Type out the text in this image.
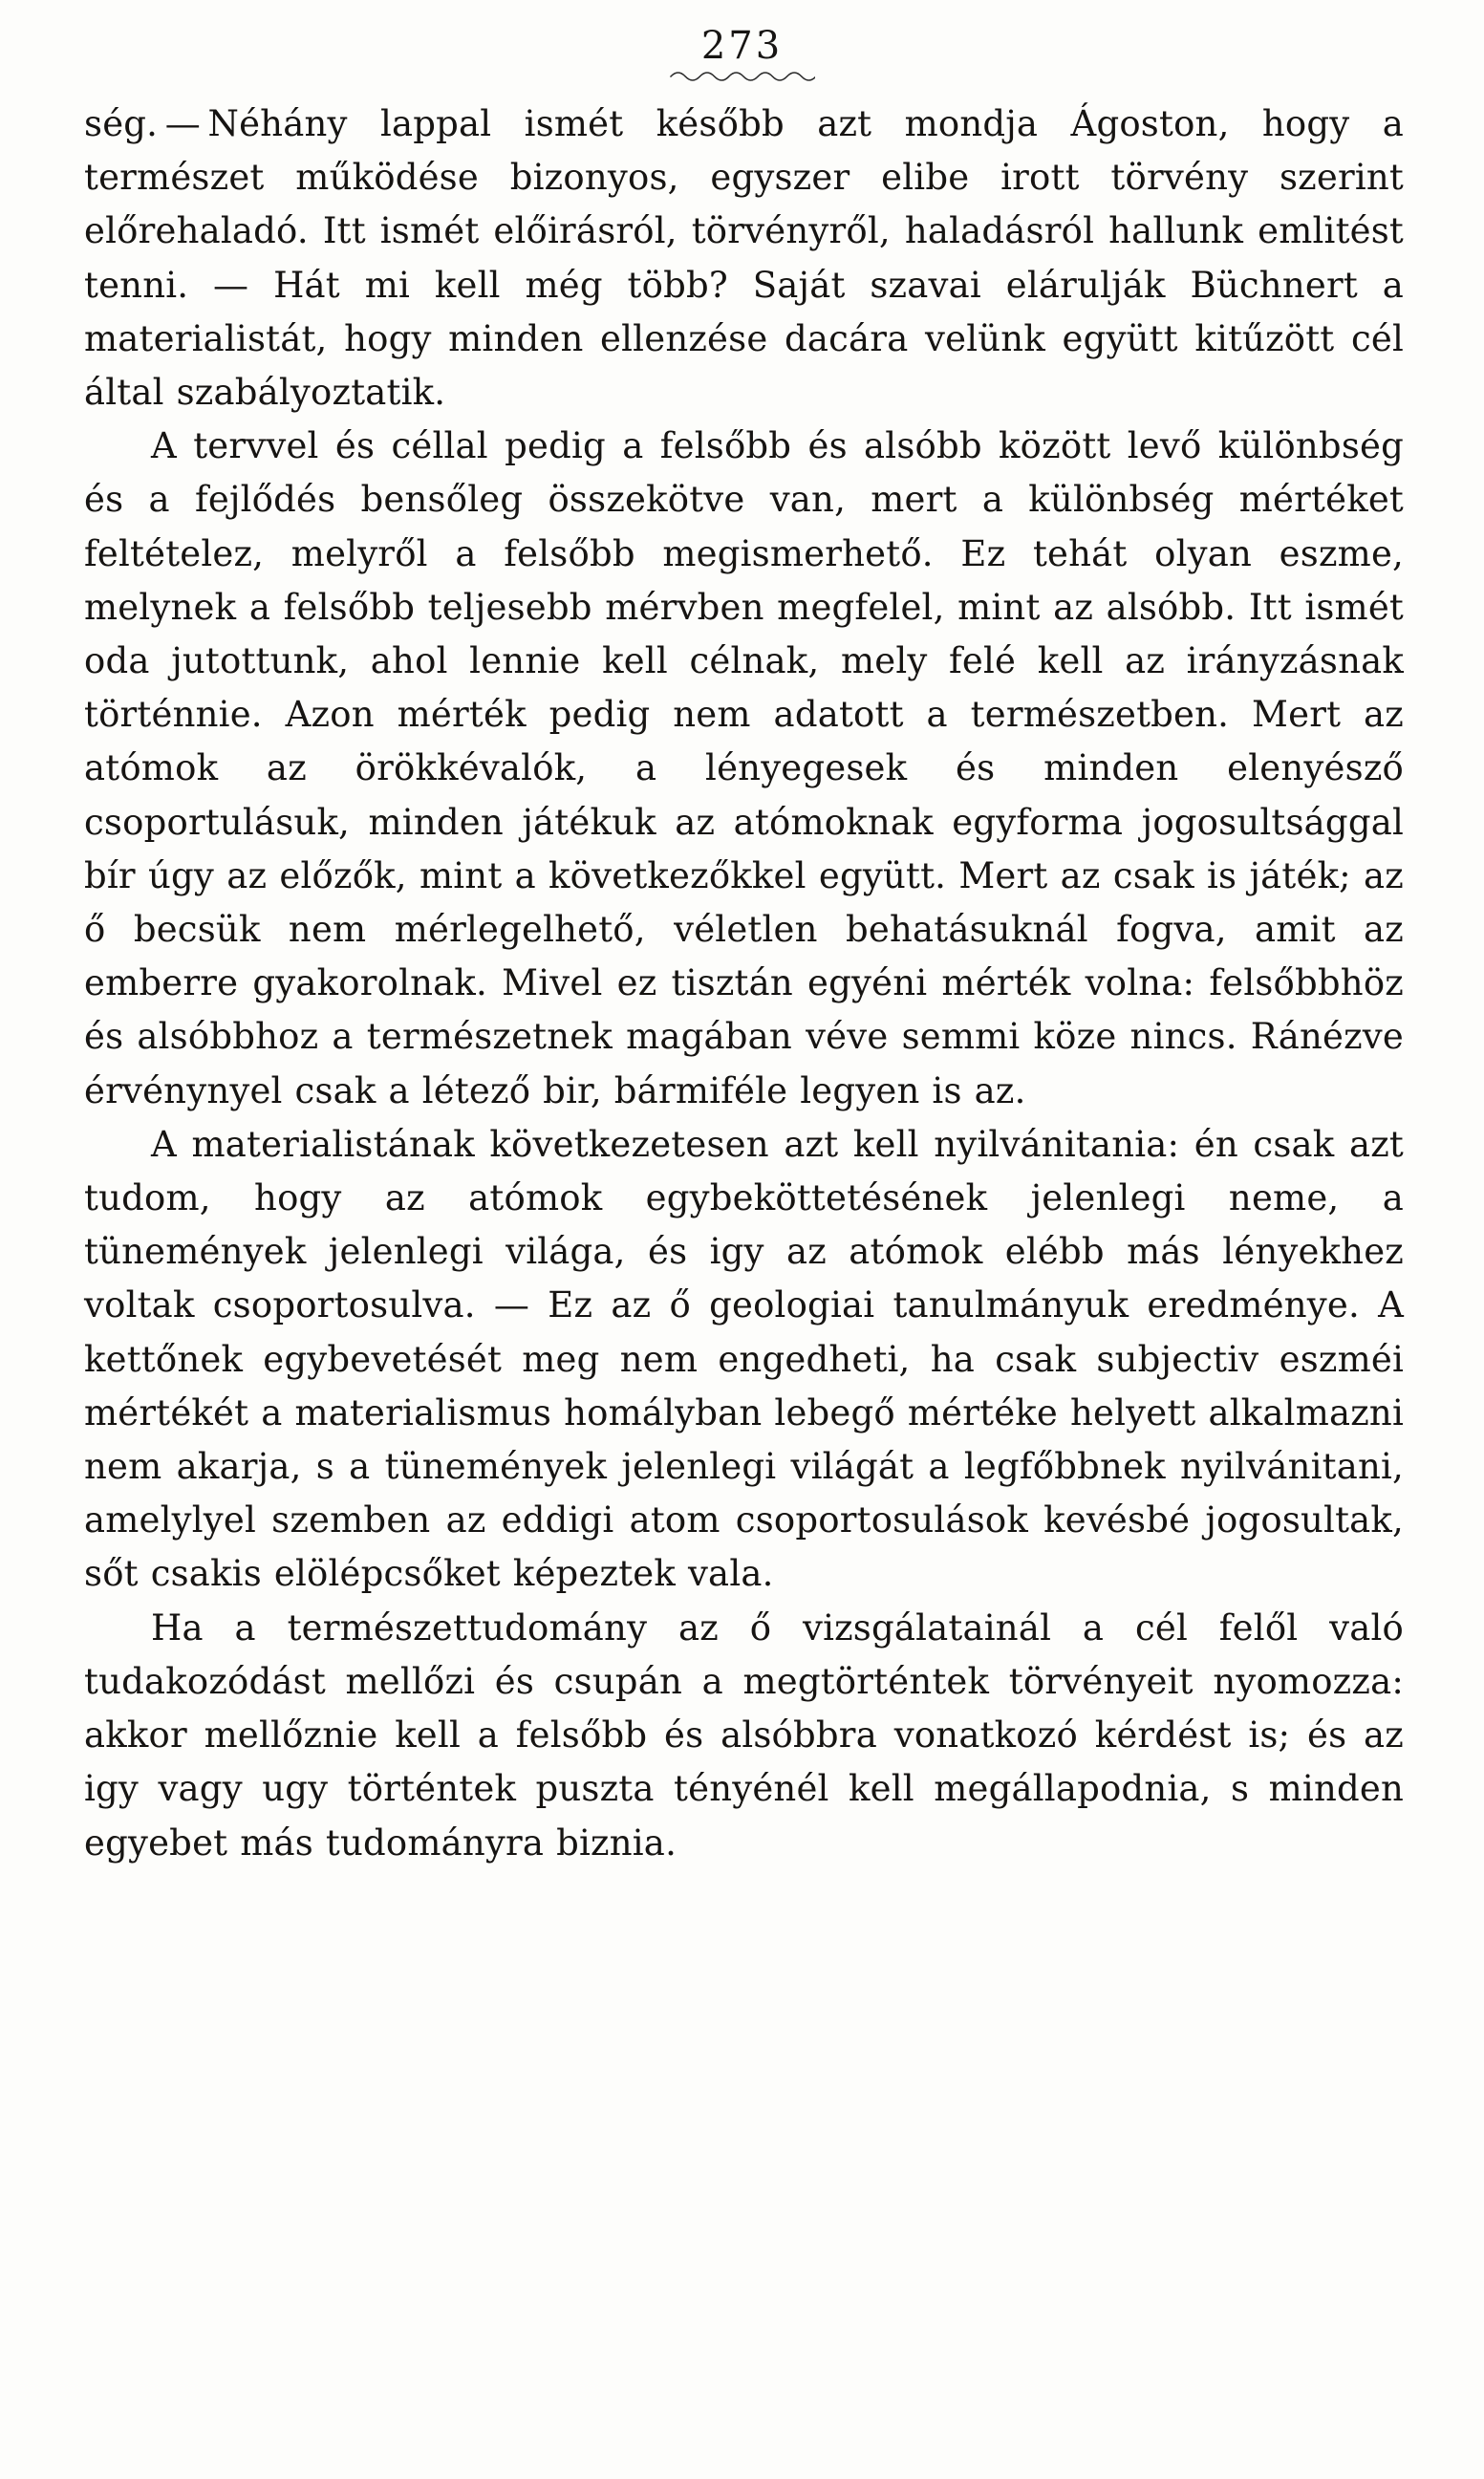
273

ség. — Néhány lappal ismét később azt mondja Ágoston, hogy a természet működése bizonyos, egyszer elibe irott törvény szerint előrehaladó. Itt ismét előirásról, törvényről, haladásról hallunk emlitést tenni. — Hát mi kell még több? Saját szavai elárulják Büchnert a materialistát, hogy minden ellenzése dacára velünk együtt kitűzött cél által szabályoztatik.

A tervvel és céllal pedig a felsőbb és alsóbb között levő különbség és a fejlődés bensőleg összekötve van, mert a különbség mértéket feltételez, melyről a felsőbb megismerhető. Ez tehát olyan eszme, melynek a felsőbb teljesebb mérvben megfelel, mint az alsóbb. Itt ismét oda jutottunk, ahol lennie kell célnak, mely felé kell az irányzásnak történnie. Azon mérték pedig nem adatott a természetben. Mert az atómok az örökkévalók, a lényegesek és minden elenyésző csoportulásuk, minden játékuk az atómoknak egyforma jogosultsággal bír úgy az előzők, mint a következőkkel együtt. Mert az csak is játék; az ő becsük nem mérlegelhető, véletlen behatásuknál fogva, amit az emberre gyakorolnak. Mivel ez tisztán egyéni mérték volna: felsőbbhöz és alsóbbhoz a természetnek magában véve semmi köze nincs. Ránézve érvénynyel csak a létező bir, bármiféle legyen is az.

A materialistának következetesen azt kell nyilvánitania: én csak azt tudom, hogy az atómok egybeköttetésének jelenlegi neme, a tünemények jelenlegi világa, és igy az atómok elébb más lényekhez voltak csoportosulva. — Ez az ő geologiai tanulmányuk eredménye. A kettőnek egybevetését meg nem engedheti, ha csak subjectiv eszméi mértékét a materialismus homályban lebegő mértéke helyett alkalmazni nem akarja, s a tünemények jelenlegi világát a legfőbbnek nyilvánitani, amelylyel szemben az eddigi atom csoportosulások kevésbé jogosultak, sőt csakis elölépcsőket képeztek vala.

Ha a természettudomány az ő vizsgálatainál a cél felől való tudakozódást mellőzi és csupán a megtörténtek törvényeit nyomozza: akkor mellőznie kell a felsőbb és alsóbbra vonatkozó kérdést is; és az igy vagy ugy történtek puszta tényénél kell megállapodnia, s minden egyebet más tudományra biznia.
